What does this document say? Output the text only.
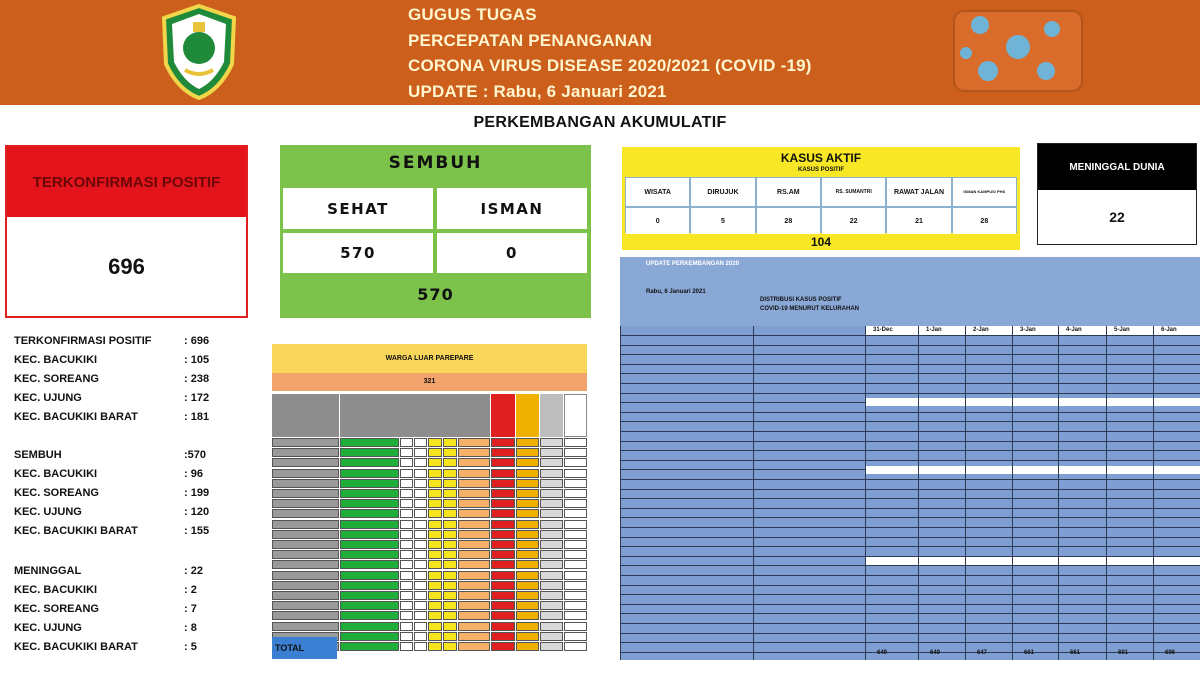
GUGUS TUGAS
PERCEPATAN PENANGANAN
CORONA VIRUS DISEASE 2020/2021 (COVID -19)
UPDATE : Rabu, 6 Januari 2021
PERKEMBANGAN AKUMULATIF
TERKONFIRMASI POSITIF
696
SEMBUH
SEHAT	ISMAN
570	0
570
KASUS AKTIF
KASUS POSITIF
WISATA	DIRUJUK	RS.AM	RS. SUMANTRI	RAWAT JALAN	ISMAN KAMPUS/ PHS
0	5	28	22	21	28
104
MENINGGAL DUNIA
22
TERKONFIRMASI POSITIF	: 696
KEC. BACUKIKI	: 105
KEC. SOREANG	: 238
KEC. UJUNG	: 172
KEC. BACUKIKI BARAT	: 181
SEMBUH	:570
KEC. BACUKIKI	: 96
KEC. SOREANG	: 199
KEC. UJUNG	: 120
KEC. BACUKIKI BARAT	: 155
MENINGGAL	: 22
KEC. BACUKIKI	: 2
KEC. SOREANG	: 7
KEC. UJUNG	: 8
KEC. BACUKIKI BARAT	: 5
WARGA LUAR PAREPARE
321
TOTAL
UPDATE PERKEMBANGAN 2020
Rabu, 6 Januari 2021
DISTRIBUSI KASUS POSITIF
COVID-19 MENURUT KELURAHAN
31-Dec	1-Jan	2-Jan	3-Jan	4-Jan	5-Jan	6-Jan
649	649	647	661	661	691	696
